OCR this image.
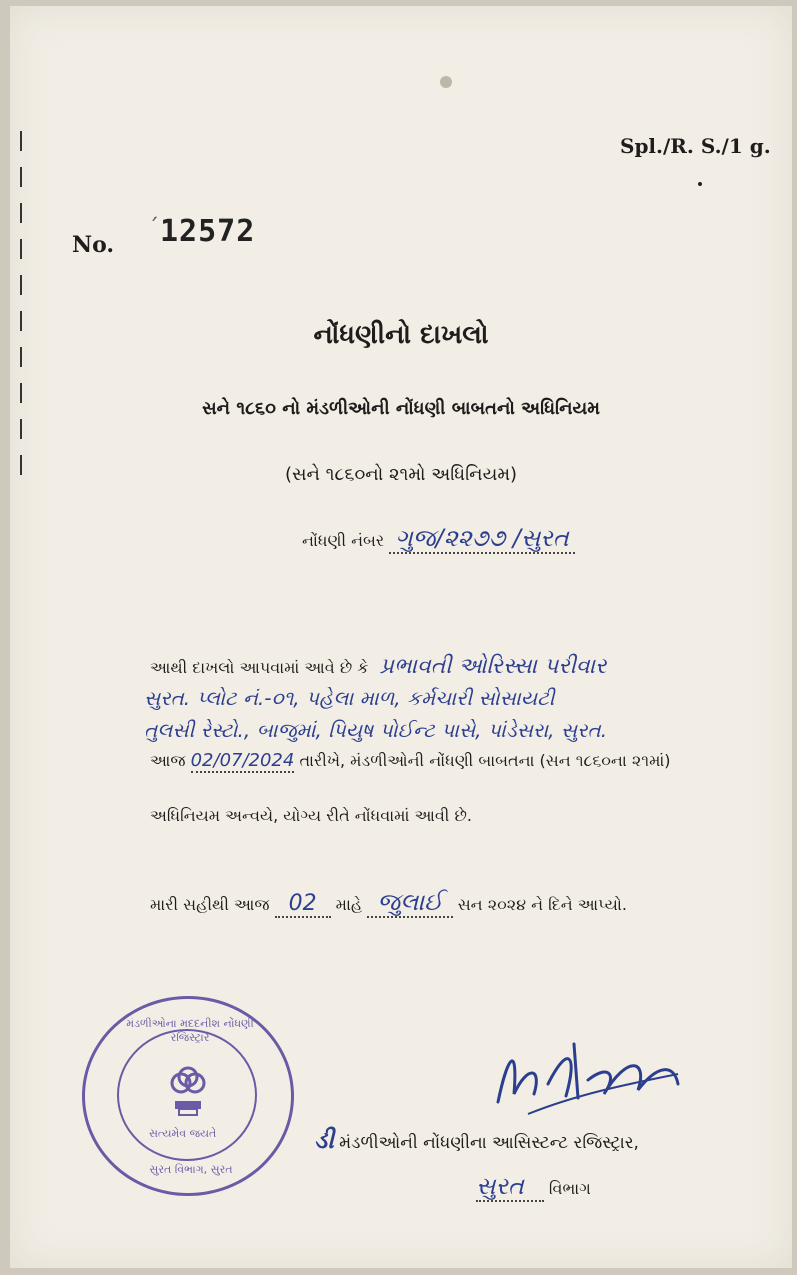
Spl./R. S./1 g.
No.
ˊ 12572
નોંધણીનો દાખલો
સને ૧૮૬૦ નો મંડળીઓની નોંધણી બાબતનો અધિનિયમ
(સને ૧૮૬૦નો ૨૧મો અધિનિયમ)
નોંધણી નંબર ગુજ/૨૨૭૭ /સુરત
આથી દાખલો આપવામાં આવે છે કે પ્રભાવતી ઓરિસ્સા પરીવાર
સુરત. પ્લોટ નં.-૦૧, પહેલા માળ, કર્મચારી સોસાયટી
તુલસી રેસ્ટો., બાજુમાં, પિયુષ પોઈન્ટ પાસે, પાંડેસરા, સુરત.
આજ 02/07/2024 તારીખે, મંડળીઓની નોંધણી બાબતના (સન ૧૮૬૦ના ૨૧માં)
અધિનિયમ અન્વયે, યોગ્ય રીતે નોંધવામાં આવી છે.
મારી સહીથી આજ 02 માહે જુલાઈ સન ૨૦૨૪ ને દિને આપ્યો.
સત્યમેવ જયતે
મંડળીઓના મદદનીશ નોંધણી રજિસ્ટ્રાર
સુરત વિભાગ, સુરત
ડી મંડળીઓની નોંધણીના આસિસ્ટન્ટ રજિસ્ટ્રાર,
સુરત વિભાગ
